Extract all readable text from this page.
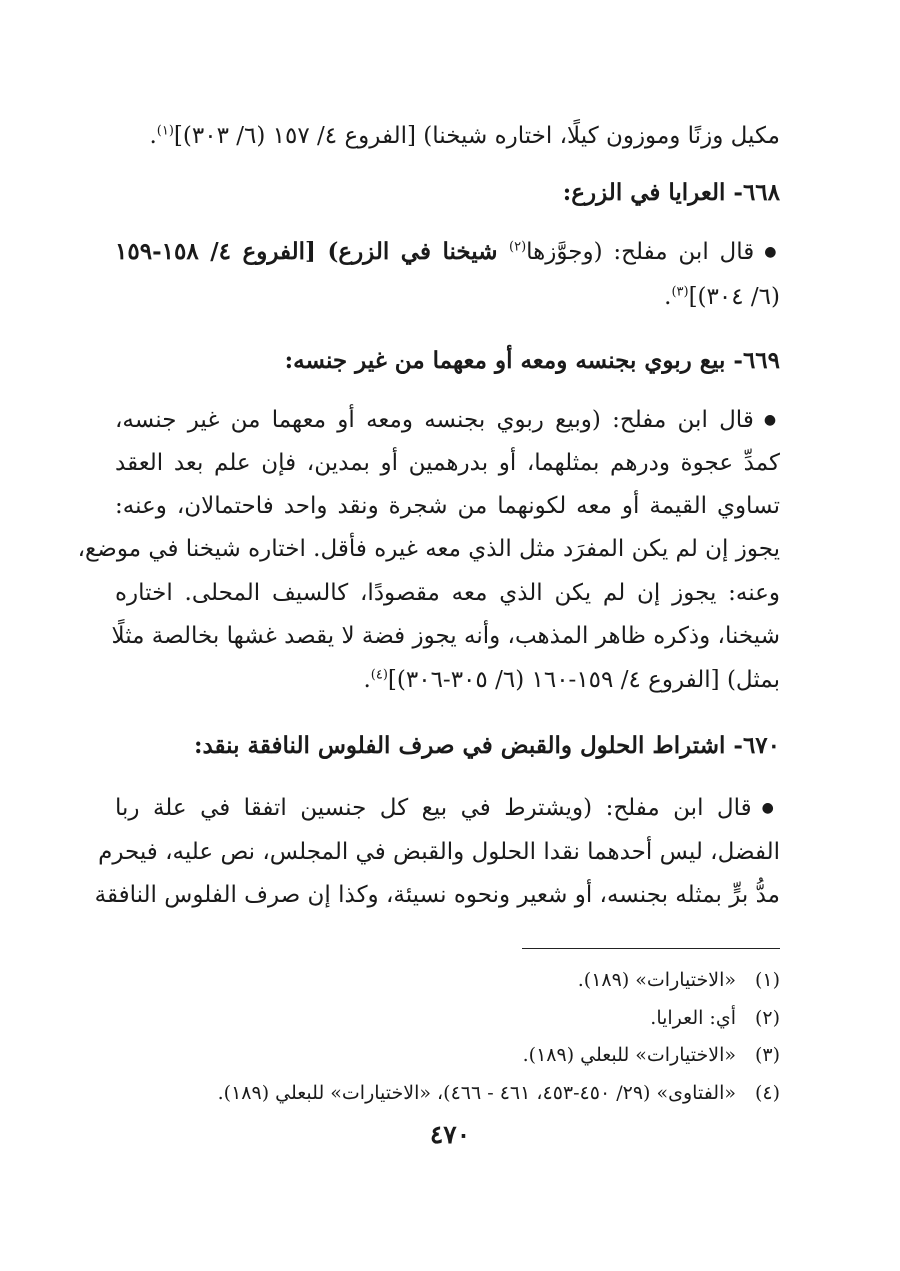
مكيل وزنًا وموزون كيلًا، اختاره شيخنا) [الفروع ٤/ ١٥٧ (٦/ ٣٠٣)]$^{(١)}$.
٦٦٨- العرايا في الزرع:
● قال ابن مفلح: (وجوَّزها$^{(٢)}$ شيخنا في الزرع) [الفروع ٤/ ١٥٨-١٥٩
(٦/ ٣٠٤)]$^{(٣)}$.
٦٦٩- بيع ربوي بجنسه ومعه أو معهما من غير جنسه:
● قال ابن مفلح: (وبيع ربوي بجنسه ومعه أو معهما من غير جنسه،
كمدِّ عجوة ودرهم بمثلهما، أو بدرهمين أو بمدين، فإن علم بعد العقد
تساوي القيمة أو معه لكونهما من شجرة ونقد واحد فاحتمالان، وعنه:
يجوز إن لم يكن المفرَد مثل الذي معه غيره فأقل. اختاره شيخنا في موضع،
وعنه: يجوز إن لم يكن الذي معه مقصودًا، كالسيف المحلى. اختاره
شيخنا، وذكره ظاهر المذهب، وأنه يجوز فضة لا يقصد غشها بخالصة مثلًا
بمثل) [الفروع ٤/ ١٥٩-١٦٠ (٦/ ٣٠٥-٣٠٦)]$^{(٤)}$.
٦٧٠- اشتراط الحلول والقبض في صرف الفلوس النافقة بنقد:
● قال ابن مفلح: (ويشترط في بيع كل جنسين اتفقا في علة ربا
الفضل، ليس أحدهما نقدا الحلول والقبض في المجلس، نص عليه، فيحرم
مدُّ برٍّ بمثله بجنسه، أو شعير ونحوه نسيئة، وكذا إن صرف الفلوس النافقة
(١)«الاختيارات» (١٨٩).
(٢)أي: العرايا.
(٣)«الاختيارات» للبعلي (١٨٩).
(٤)«الفتاوى» (٢٩/ ٤٥٠-٤٥٣، ٤٦١ - ٤٦٦)، «الاختيارات» للبعلي (١٨٩).
٤٧٠
